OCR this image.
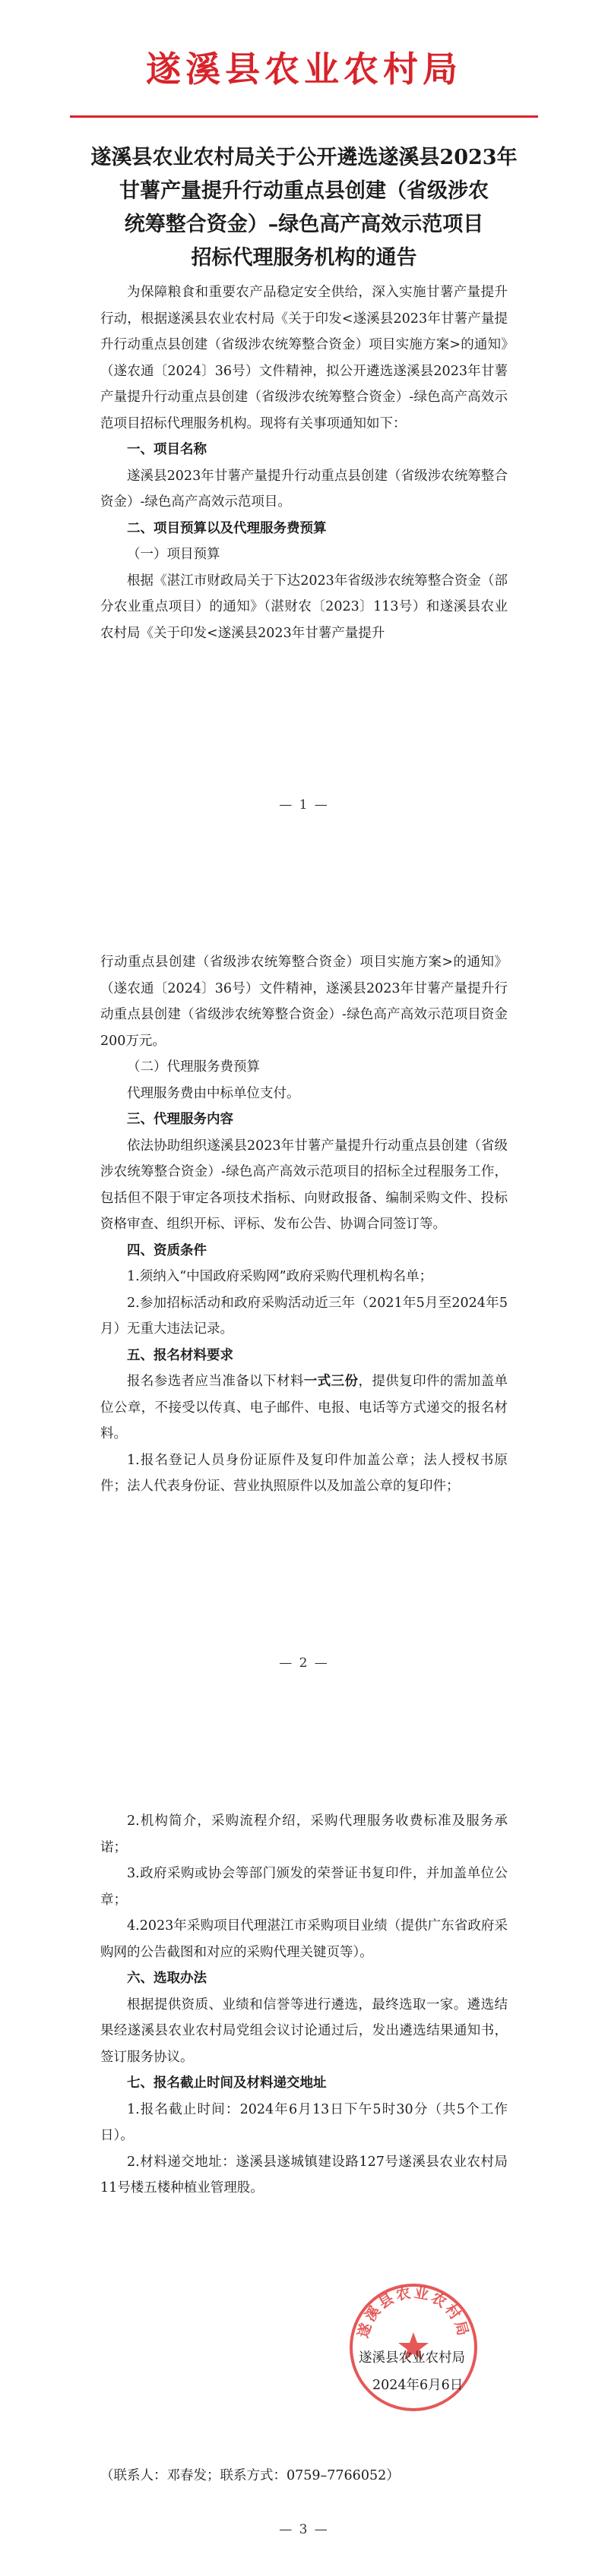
遂溪县农业农村局
遂溪县农业农村局关于公开遴选遂溪县2023年
甘薯产量提升行动重点县创建（省级涉农
统筹整合资金）–绿色高产高效示范项目
招标代理服务机构的通告

为保障粮食和重要农产品稳定安全供给，深入实施甘薯产量提升行动，根据遂溪县农业农村局《关于印发<遂溪县2023年甘薯产量提升行动重点县创建（省级涉农统筹整合资金）项目实施方案>的通知》（遂农通〔2024〕36号）文件精神，拟公开遴选遂溪县2023年甘薯产量提升行动重点县创建（省级涉农统筹整合资金）-绿色高产高效示范项目招标代理服务机构。现将有关事项通知如下：

一、项目名称

遂溪县2023年甘薯产量提升行动重点县创建（省级涉农统筹整合资金）-绿色高产高效示范项目。

二、项目预算以及代理服务费预算

（一）项目预算

根据《湛江市财政局关于下达2023年省级涉农统筹整合资金（部分农业重点项目）的通知》（湛财农〔2023〕113号）和遂溪县农业农村局《关于印发<遂溪县2023年甘薯产量提升

— 1 —

行动重点县创建（省级涉农统筹整合资金）项目实施方案>的通知》（遂农通〔2024〕36号）文件精神，遂溪县2023年甘薯产量提升行动重点县创建（省级涉农统筹整合资金）-绿色高产高效示范项目资金200万元。

（二）代理服务费预算

代理服务费由中标单位支付。

三、代理服务内容

依法协助组织遂溪县2023年甘薯产量提升行动重点县创建（省级涉农统筹整合资金）-绿色高产高效示范项目的招标全过程服务工作，包括但不限于审定各项技术指标、向财政报备、编制采购文件、投标资格审查、组织开标、评标、发布公告、协调合同签订等。

四、资质条件

1.须纳入“中国政府采购网”政府采购代理机构名单；

2.参加招标活动和政府采购活动近三年（2021年5月至2024年5月）无重大违法记录。

五、报名材料要求

报名参选者应当准备以下材料一式三份，提供复印件的需加盖单位公章，不接受以传真、电子邮件、电报、电话等方式递交的报名材料。

1.报名登记人员身份证原件及复印件加盖公章；法人授权书原件；法人代表身份证、营业执照原件以及加盖公章的复印件；

— 2 —

2.机构简介，采购流程介绍，采购代理服务收费标准及服务承诺；

3.政府采购或协会等部门颁发的荣誉证书复印件，并加盖单位公章；

4.2023年采购项目代理湛江市采购项目业绩（提供广东省政府采购网的公告截图和对应的采购代理关键页等）。

六、选取办法

根据提供资质、业绩和信誉等进行遴选，最终选取一家。遴选结果经遂溪县农业农村局党组会议讨论通过后，发出遴选结果通知书，签订服务协议。

七、报名截止时间及材料递交地址

1.报名截止时间：2024年6月13日下午5时30分（共5个工作日）。

2.材料递交地址：遂溪县遂城镇建设路127号遂溪县农业农村局11号楼五楼种植业管理股。

遂溪县农业农村局
遂溪县农业农村局
2024年6月6日
（联系人：邓春发；联系方式：0759–7766052）
— 3 —
